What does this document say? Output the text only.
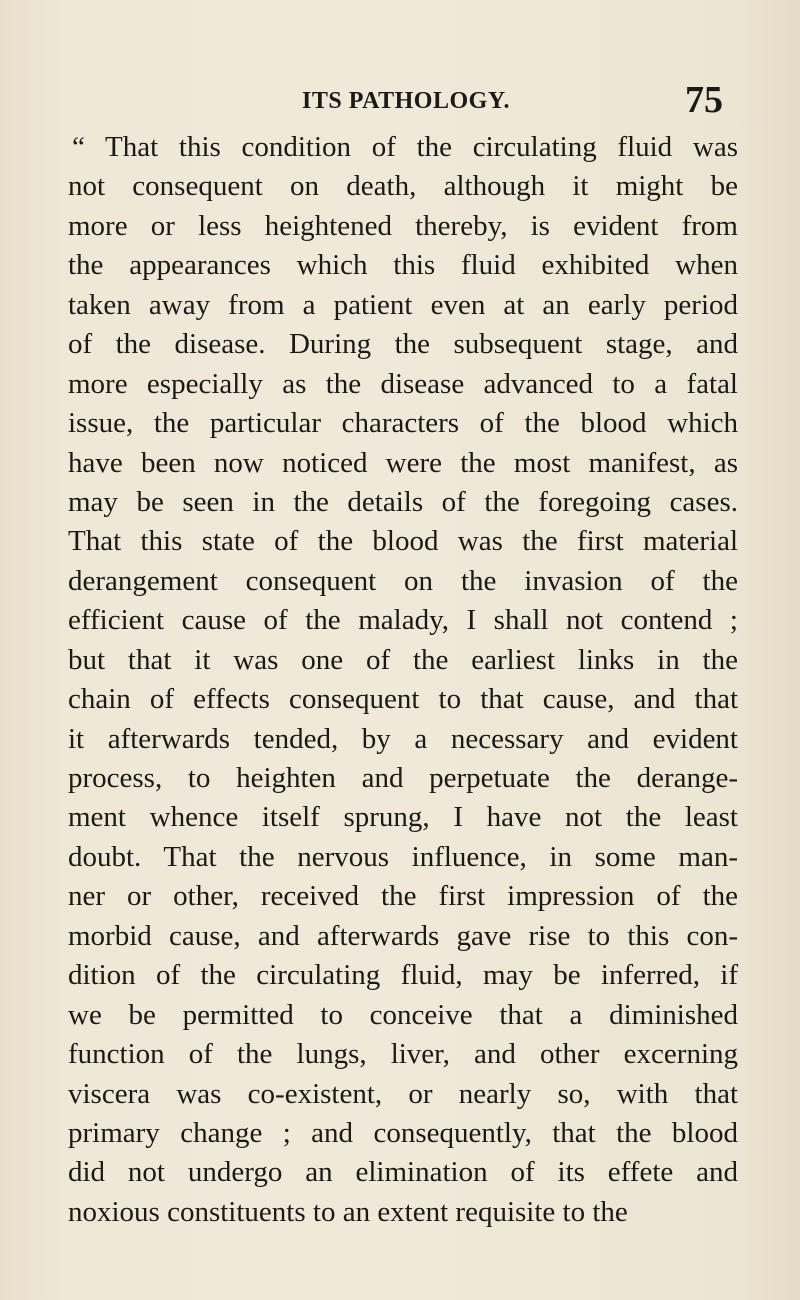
ITS PATHOLOGY.	75
“ That this condition of the circulating fluid was
not consequent on death, although it might be
more or less heightened thereby, is evident from
the appearances which this fluid exhibited when
taken away from a patient even at an early period
of the disease. During the subsequent stage, and
more especially as the disease advanced to a fatal
issue, the particular characters of the blood which
have been now noticed were the most manifest, as
may be seen in the details of the foregoing cases.
That this state of the blood was the first material
derangement consequent on the invasion of the
efficient cause of the malady, I shall not contend ;
but that it was one of the earliest links in the
chain of effects consequent to that cause, and that
it afterwards tended, by a necessary and evident
process, to heighten and perpetuate the derange-
ment whence itself sprung, I have not the least
doubt. That the nervous influence, in some man-
ner or other, received the first impression of the
morbid cause, and afterwards gave rise to this con-
dition of the circulating fluid, may be inferred, if
we be permitted to conceive that a diminished
function of the lungs, liver, and other excerning
viscera was co-existent, or nearly so, with that
primary change ; and consequently, that the blood
did not undergo an elimination of its effete and
noxious constituents to an extent requisite to the
